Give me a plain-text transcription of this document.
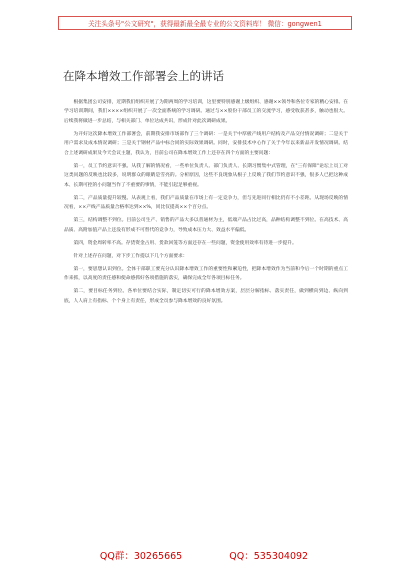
关注头条号"公文研究"，获得最新最全最专业的公文资料库！ 微信：gongwen1
在降本增效工作部署会上的讲话

根据集团公司安排，近期我们组织开展了为期两周的学习培训，这里要特别感谢上级组织、感谢××领导和各位专家的精心安排。在学习培训期间，我们××××组织开展了一次全面系统的学习调研。通过与××股份干部员工的交流学习，感受收获甚多，触动也很大。后续我将做进一步总结，与相关部门、单位达成共识，形成针对此次调研成果。

为开好这次降本增效工作部署会，前期我安排市场部作了三个调研：一是关于中厚板产线用户结构及产品交付情况调研；二是关于用户需求及成本情况调研；三是关于钢材产品中标合同的实际效果调研。同时，安排技术中心作了关于今年以来新品开发情况调研。结合上述调研成果及今天会议主题，我认为，目前公司在降本增效工作上还存在四个方面的主要问题：

第一，员工节约意识不强。从我了解的情况看，一些单位负责人、部门负责人、长期习惯集中式管理，在"三有保障"论坛上员工对这类问题的反映也比较多，说明群众的眼睛是雪亮的。分析原因，这些不良现象从根子上反映了我们节约意识不强，很多人已把这种成本、长期可控的小问题当作了不重要的事情，不能引起足够重视。

第二，产品质量提升较慢。从表观上看，我们产品质量在市场上有一定竞争力，但与先进同行相比仍有不小差距。从现场反映的情况看，××产线产品质量合格率达到××%，同比仅提高××个百分点。

第三，结构调整不到位。目前公司生产、销售的产品大多以普通材为主，低端产品占比过高，品种结构调整不到位。在高技术、高品质、高附加值产品上还没有形成不可替代的竞争力，导致成本压力大、效益水平偏低。

第四，资金周转率不高。存货资金占用、货款回笼等方面还存在一些问题，资金使用效率有待进一步提升。

针对上述存在问题，对下步工作提以下几个方面要求：

第一，要思想认识到位。全体干部职工要充分认识降本增效工作的重要性和紧迫性，把降本增效作为当前和今后一个时期的重点工作来抓，以高度的责任感和使命感抓好各项措施的落实，确保完成全年各项目标任务。

第二，要目标任务到位。各单位要结合实际，制定切实可行的降本增效方案，层层分解指标、落实责任，做到横向到边、纵向到底，人人肩上有指标、个个身上有责任，形成全员参与降本增效的良好氛围。

QQ群：30265665	QQ：535304092
